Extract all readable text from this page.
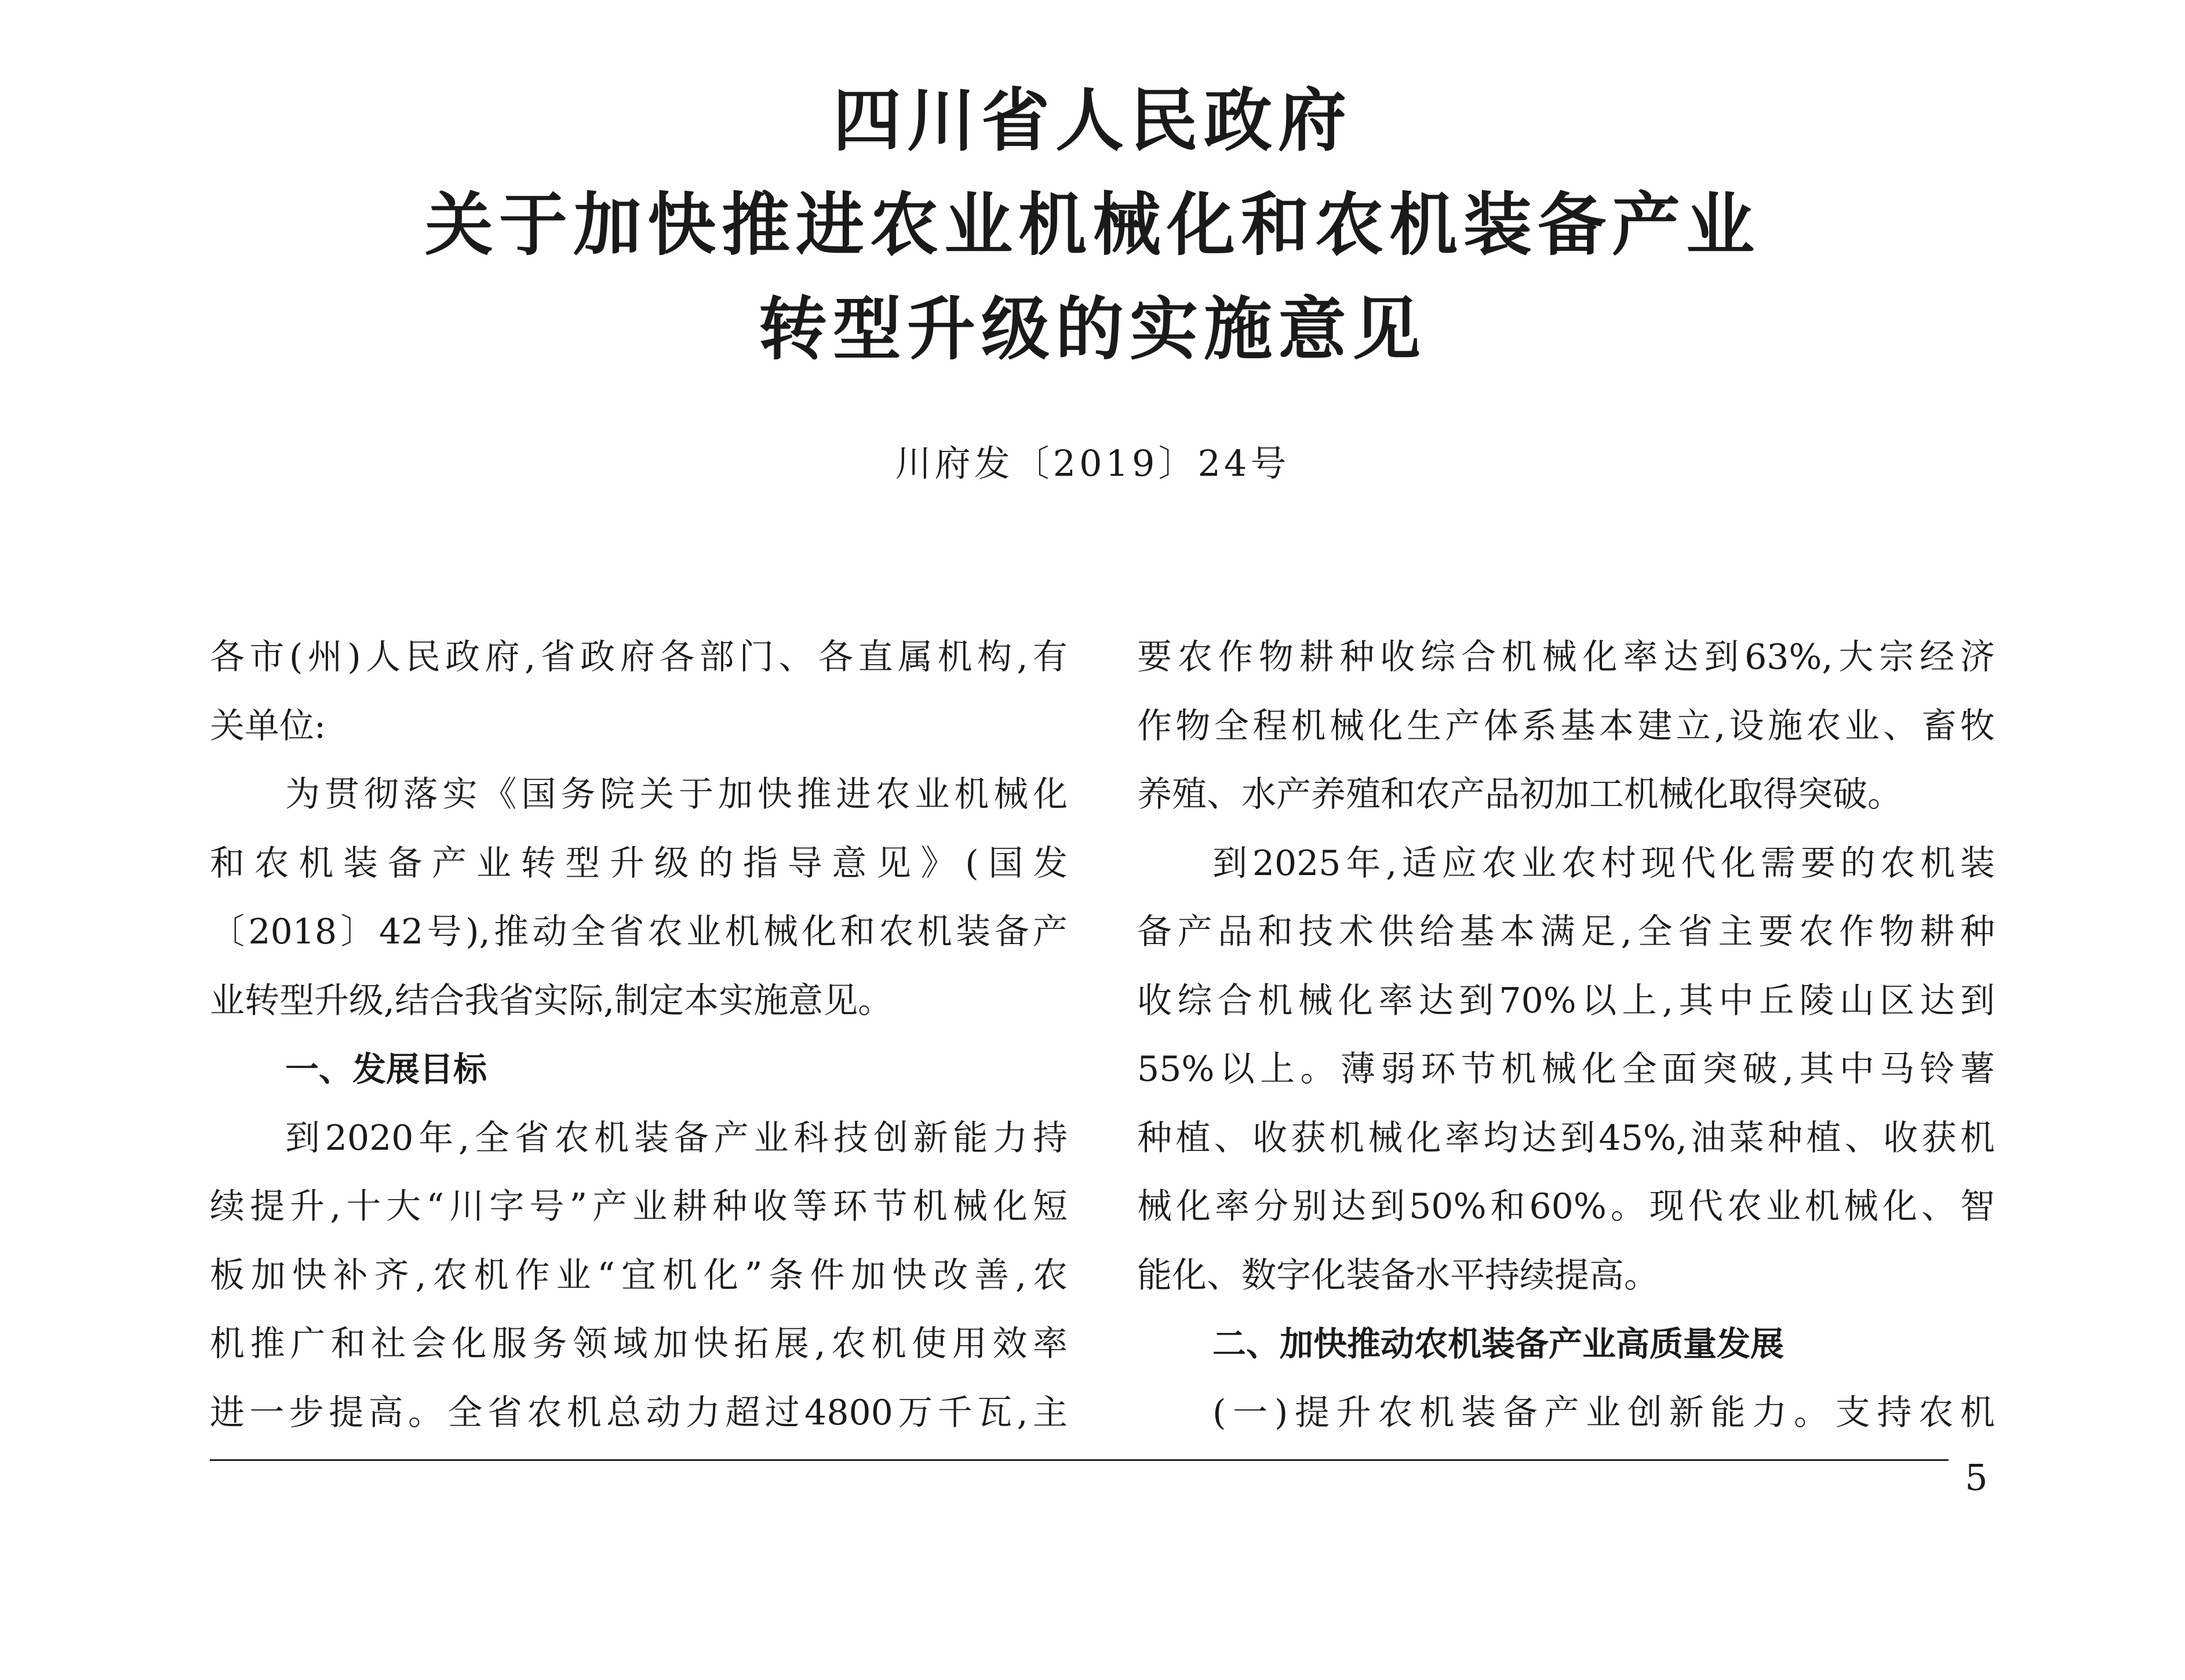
四川省人民政府
关于加快推进农业机械化和农机装备产业
转型升级的实施意见
川府发〔2019〕24号
各市(州)人民政府,省政府各部门、各直属机构,有
关单位:
为贯彻落实《国务院关于加快推进农业机械化
和农机装备产业转型升级的指导意见》(国发
〔2018〕42号),推动全省农业机械化和农机装备产
业转型升级,结合我省实际,制定本实施意见。
一、发展目标
到2020年,全省农机装备产业科技创新能力持
续提升,十大“川字号”产业耕种收等环节机械化短
板加快补齐,农机作业“宜机化”条件加快改善,农
机推广和社会化服务领域加快拓展,农机使用效率
进一步提高。全省农机总动力超过4800万千瓦,主
要农作物耕种收综合机械化率达到63%,大宗经济
作物全程机械化生产体系基本建立,设施农业、畜牧
养殖、水产养殖和农产品初加工机械化取得突破。
到2025年,适应农业农村现代化需要的农机装
备产品和技术供给基本满足,全省主要农作物耕种
收综合机械化率达到70%以上,其中丘陵山区达到
55%以上。薄弱环节机械化全面突破,其中马铃薯
种植、收获机械化率均达到45%,油菜种植、收获机
械化率分别达到50%和60%。现代农业机械化、智
能化、数字化装备水平持续提高。
二、加快推动农机装备产业高质量发展
(一)提升农机装备产业创新能力。支持农机
5
